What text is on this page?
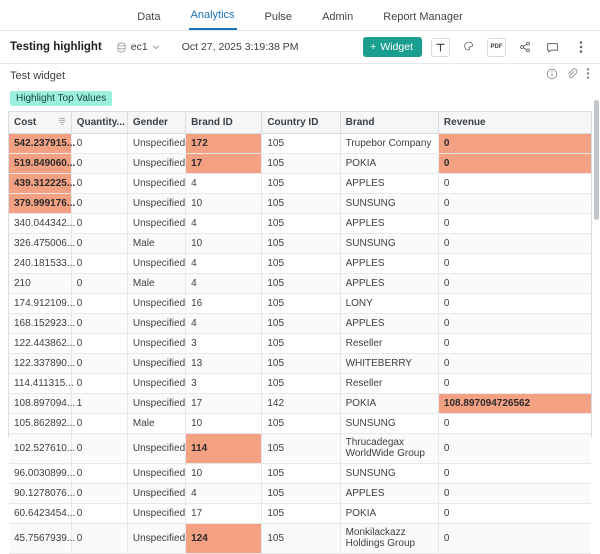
Data	Analytics	Pulse	Admin	Report Manager
Testing highlight	ec1	Oct 27, 2025 3:19:38 PM	+ Widget	PDF
Test widget
Highlight Top Values
Cost	Quantity...	Gender	Brand ID	Country ID	Brand	Revenue
542.237915...	0	Unspecified	172	105	Trupebor Company	0
519.849060...	0	Unspecified	17	105	POKIA	0
439.312225...	0	Unspecified	4	105	APPLES	0
379.999176...	0	Unspecified	10	105	SUNSUNG	0
340.044342...	0	Unspecified	4	105	APPLES	0
326.475006...	0	Male	10	105	SUNSUNG	0
240.181533...	0	Unspecified	4	105	APPLES	0
210	0	Male	4	105	APPLES	0
174.912109...	0	Unspecified	16	105	LONY	0
168.152923...	0	Unspecified	4	105	APPLES	0
122.443862...	0	Unspecified	3	105	Reseller	0
122.337890...	0	Unspecified	13	105	WHITEBERRY	0
114.411315...	0	Unspecified	3	105	Reseller	0
108.897094...	1	Unspecified	17	142	POKIA	108.897094726562
105.862892...	0	Male	10	105	SUNSUNG	0
102.527610...	0	Unspecified	114	105	Thrucadegax WorldWide Group	0
96.0030899...	0	Unspecified	10	105	SUNSUNG	0
90.1278076...	0	Unspecified	4	105	APPLES	0
60.6423454...	0	Unspecified	17	105	POKIA	0
45.7567939...	0	Unspecified	124	105	Monkilackazz Holdings Group	0
